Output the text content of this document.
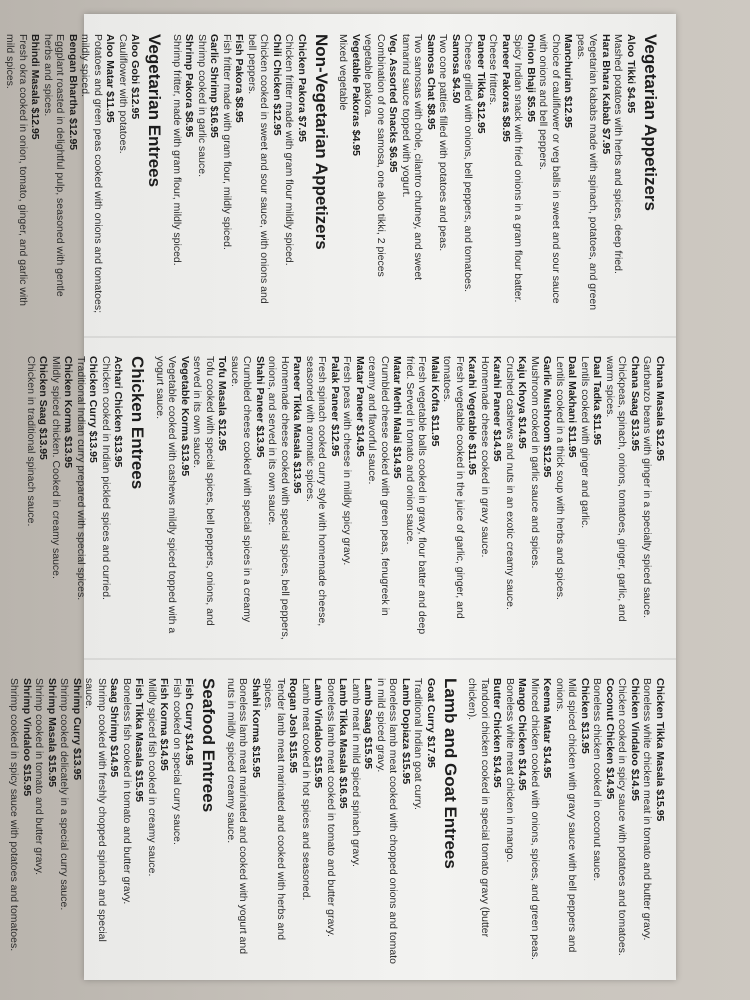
Vegetarian Appetizers
Aloo Tikki $4.95
Mashed potatoes with herbs and spices, deep fried.
Hara Bhara Kabab $7.95
Vegetarian kababs made with spinach, potatoes, and green peas.
Manchurian $12.95
Choice of cauliflower or veg balls in sweet and sour sauce with onions and bell peppers.
Onion Bhaji $5.95
Spicy Indian snack with fried onions in a gram flour batter.
Paneer Pakoras $8.95
Cheese fritters.
Paneer Tikka $12.95
Cheese grilled with onions, bell peppers, and tomatoes.
Samosa $4.50
Two cone patties filled with potatoes and peas.
Samosa Chat $8.95
Two samosas with chole, cilantro chutney, and sweet tamarind sauce topped with yogurt.
Veg. Assorted Snacks $6.95
Combination of one samosa, one aloo tikki, 2 pieces vegetable pakora.
Vegetable Pakoras $4.95
Mixed vegetable
Non-Vegetarian Appetizers
Chicken Pakora $7.95
Chicken fritter made with gram flour mildly spiced.
Chili Chicken $12.95
Chicken cooked in sweet and sour sauce, with onions and bell peppers.
Fish Pakora $8.95
Fish fritter made with gram flour, mildly spiced.
Garlic Shrimp $16.95
Shrimp cooked in garlic sauce.
Shrimp Pakora $8.95
Shrimp fritter, made with gram flour, mildly spiced.
Vegetarian Entrees
Aloo Gobi $12.95
Cauliflower with potatoes.
Aloo Matar $11.95
Potatoes and green peas cooked with onions and tomatoes; mildly spiced.
Bengan Bhartha $12.95
Eggplant roasted in delightful pulp, seasoned with gentle herbs and spices.
Bhindi Masala $12.95
Fresh okra cooked in onion, tomato, ginger, and garlic with mild spices.
Chana Masala $12.95
Garbanzo beans with ginger in a specialty spiced sauce.
Chana Saag $13.95
Chickpeas, spinach, onions, tomatoes, ginger, garlic, and warm spices.
Daal Tadka $11.95
Lentils cooked with ginger and garlic.
Daal Makhani $11.95
Lentils cooked in a thick soup with herbs and spices.
Garlic Mushroom $12.95
Mushroom cooked in garlic sauce and spices.
Kaju Khoya $14.95
Crushed cashews and nuts in an exotic creamy sauce.
Karahi Paneer $14.95
Homemade cheese cooked in gravy sauce.
Karahi Vegetable $11.95
Fresh vegetable cooked in the juice of garlic, ginger, and tomatoes.
Malai Kofta $11.95
Fresh vegetable balls cooked in gravy, flour batter and deep fried. Served in tomato and onion sauce.
Matar Methi Malai $14.95
Crumbled cheese cooked with green peas, fenugreek in creamy and flavorful sauce.
Matar Paneer $14.95
Fresh peas with cheese in mildly spicy gravy.
Palak Paneer $12.95
Fresh spinach cooked curry style with homemade cheese, seasoned with aromatic spices.
Paneer Tikka Masala $13.95
Homemade cheese cooked with special spices, bell peppers, onions, and served in its own sauce.
Shahi Paneer $13.95
Crumbled cheese cooked with special spices in a creamy sauce.
Tofu Masala $12.95
Tofu cooked with special spices, bell peppers, onions, and served in its own sauce.
Vegetable Korma $13.95
Vegetable cooked with cashews mildly spiced topped with a yogurt sauce.
Chicken Entrees
Achari Chicken $13.95
Chicken cooked in Indian pickled spices and curried.
Chicken Curry $13.95
Traditional Indian curry prepared with special spices.
Chicken Korma $13.95
Mildly spiced chicken. Cooked in creamy sauce.
Chicken Saag $13.95
Chicken in traditional spinach sauce.
Chicken Tikka Masala $15.95
Boneless white chicken meat in tomato and butter gravy.
Chicken Vindaloo $14.95
Chicken cooked in spicy sauce with potatoes and tomatoes.
Coconut Chicken $14.95
Boneless chicken cooked in coconut sauce.
Chicken $13.95
Mild spiced chicken with gravy sauce with bell peppers and onions.
Keema Matar $14.95
Minced chicken cooked with onions, spices, and green peas.
Mango Chicken $14.95
Boneless white meat chicken in mango.
Butter Chicken $14.95
Tandoori chicken cooked in special tomato gravy (butter chicken).
Lamb and Goat Entrees
Goat Curry $17.95
Traditional Indian goat curry.
Lamb Dopiaza $15.95
Boneless lamb meat cooked with chopped onions and tomato in mild spiced gravy.
Lamb Saag $15.95
Lamb meat in mild spiced spinach gravy.
Lamb Tikka Masala $16.95
Boneless lamb meat cooked in tomato and butter gravy.
Lamb Vindaloo $15.95
Lamb meat cooked in hot spices and seasoned.
Rogan Josh $15.95
Tender lamb meat marinated and cooked with herbs and spices.
Shahi Korma $15.95
Boneless lamb meat marinated and cooked with yogurt and nuts in mildly spiced creamy sauce.
Seafood Entrees
Fish Curry $14.95
Fish cooked on special curry sauce.
Fish Korma $14.95
Mildly spiced fish cooked in creamy sauce.
Fish Tikka Masala $15.95
Boneless fish cooked in tomato and butter gravy.
Saag Shrimp $14.95
Shrimp cooked with freshly chopped spinach and special sauce.
Shrimp Curry $13.95
Shrimp cooked delicately in a special curry sauce.
Shrimp Masala $15.95
Shrimp cooked in tomato and butter gravy.
Shrimp Vindaloo $15.95
Shrimp cooked in spicy sauce with potatoes and tomatoes.
